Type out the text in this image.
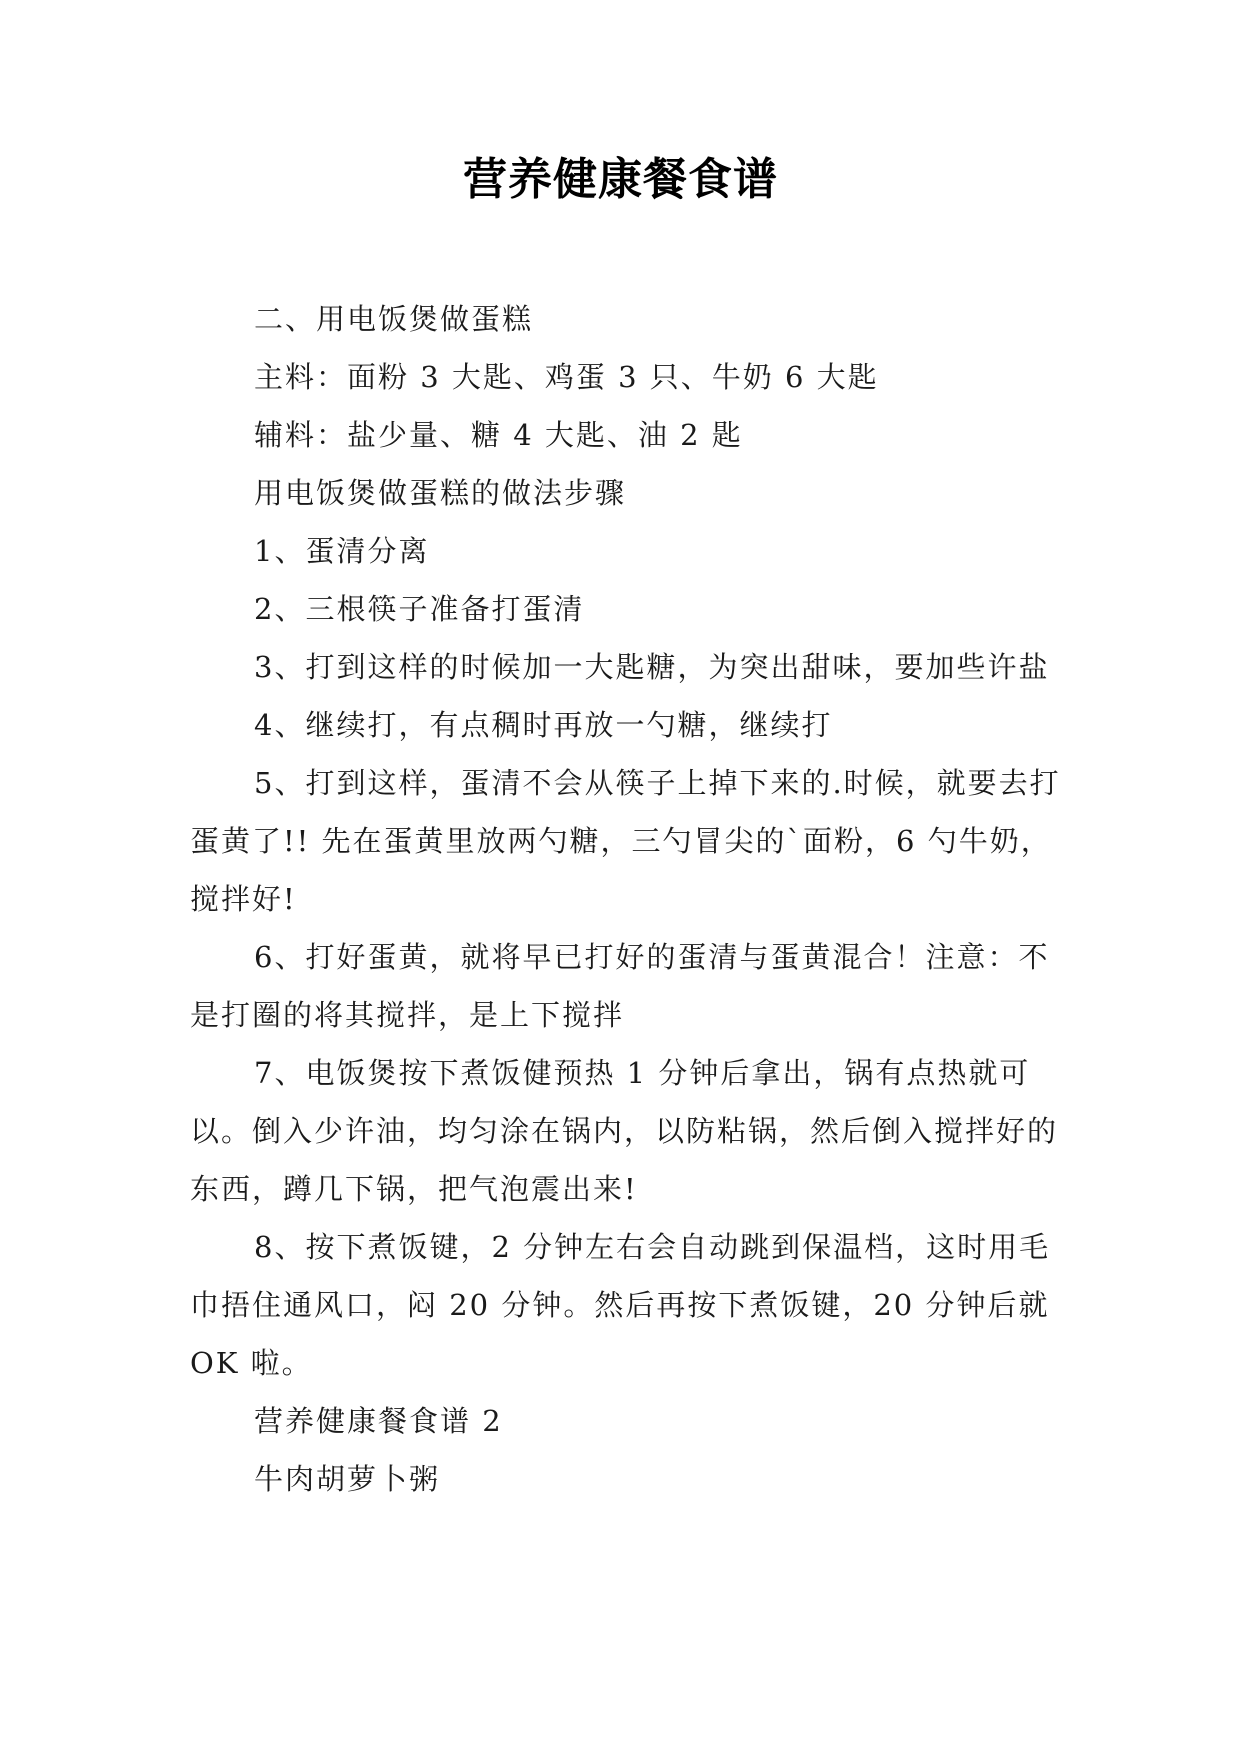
营养健康餐食谱

二、用电饭煲做蛋糕

主料：面粉 3 大匙、鸡蛋 3 只、牛奶 6 大匙

辅料：盐少量、糖 4 大匙、油 2 匙

用电饭煲做蛋糕的做法步骤

1、蛋清分离

2、三根筷子准备打蛋清

3、打到这样的时候加一大匙糖，为突出甜味，要加些许盐

4、继续打，有点稠时再放一勺糖，继续打

5、打到这样，蛋清不会从筷子上掉下来的.时候，就要去打蛋黄了!! 先在蛋黄里放两勺糖，三勺冒尖的`面粉，6 勺牛奶，搅拌好!

6、打好蛋黄，就将早已打好的蛋清与蛋黄混合！注意：不是打圈的将其搅拌，是上下搅拌

7、电饭煲按下煮饭健预热 1 分钟后拿出，锅有点热就可以。倒入少许油，均匀涂在锅内，以防粘锅，然后倒入搅拌好的东西，蹲几下锅，把气泡震出来!

8、按下煮饭键，2 分钟左右会自动跳到保温档，这时用毛巾捂住通风口，闷 20 分钟。然后再按下煮饭键，20 分钟后就 OK 啦。

营养健康餐食谱 2

牛肉胡萝卜粥
